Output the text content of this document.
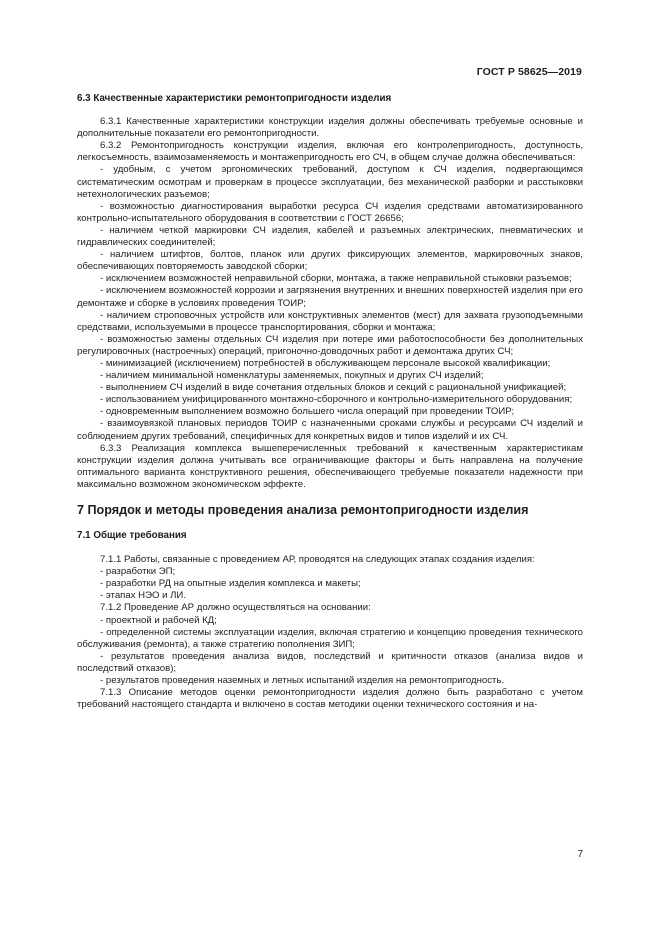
ГОСТ Р 58625—2019

6.3 Качественные характеристики ремонтопригодности изделия

6.3.1 Качественные характеристики конструкции изделия должны обеспечивать требуемые основные и дополнительные показатели его ремонтопригодности.

6.3.2 Ремонтопригодность конструкции изделия, включая его контролепригодность, доступность, легкосъемность, взаимозаменяемость и монтажепригодность его СЧ, в общем случае должна обеспечиваться:

- удобным, с учетом эргономических требований, доступом к СЧ изделия, подвергающимся систематическим осмотрам и проверкам в процессе эксплуатации, без механической разборки и расстыковки нетехнологических разъемов;

- возможностью диагностирования выработки ресурса СЧ изделия средствами автоматизированного контрольно-испытательного оборудования в соответствии с ГОСТ 26656;

- наличием четкой маркировки СЧ изделия, кабелей и разъемных электрических, пневматических и гидравлических соединителей;

- наличием штифтов, болтов, планок или других фиксирующих элементов, маркировочных знаков, обеспечивающих повторяемость заводской сборки;

- исключением возможностей неправильной сборки, монтажа, а также неправильной стыковки разъемов;

- исключением возможностей коррозии и загрязнения внутренних и внешних поверхностей изделия при его демонтаже и сборке в условиях проведения ТОИР;

- наличием строповочных устройств или конструктивных элементов (мест) для захвата грузоподъемными средствами, используемыми в процессе транспортирования, сборки и монтажа;

- возможностью замены отдельных СЧ изделия при потере ими работоспособности без дополнительных регулировочных (настроечных) операций, пригоночно-доводочных работ и демонтажа других СЧ;

- минимизацией (исключением) потребностей в обслуживающем персонале высокой квалификации;

- наличием минимальной номенклатуры заменяемых, покупных и других СЧ изделий;

- выполнением СЧ изделий в виде сочетания отдельных блоков и секций с рациональной унификацией;

- использованием унифицированного монтажно-сборочного и контрольно-измерительного оборудования;

- одновременным выполнением возможно большего числа операций при проведении ТОИР;

- взаимоувязкой плановых периодов ТОИР с назначенными сроками службы и ресурсами СЧ изделий и соблюдением других требований, специфичных для конкретных видов и типов изделий и их СЧ.

6.3.3 Реализация комплекса вышеперечисленных требований к качественным характеристикам конструкции изделия должна учитывать все ограничивающие факторы и быть направлена на получение оптимального варианта конструктивного решения, обеспечивающего требуемые показатели надежности при максимально возможном экономическом эффекте.

7 Порядок и методы проведения анализа ремонтопригодности изделия

7.1 Общие требования

7.1.1 Работы, связанные с проведением АР, проводятся на следующих этапах создания изделия:

- разработки ЭП;

- разработки РД на опытные изделия комплекса и макеты;

- этапах НЭО и ЛИ.

7.1.2 Проведение АР должно осуществляться на основании:

- проектной и рабочей КД;

- определенной системы эксплуатации изделия, включая стратегию и концепцию проведения технического обслуживания (ремонта), а также стратегию пополнения ЗИП;

- результатов проведения анализа видов, последствий и критичности отказов (анализа видов и последствий отказов);

- результатов проведения наземных и летных испытаний изделия на ремонтопригодность.

7.1.3 Описание методов оценки ремонтопригодности изделия должно быть разработано с учетом требований настоящего стандарта и включено в состав методики оценки технического состояния и на-

7
